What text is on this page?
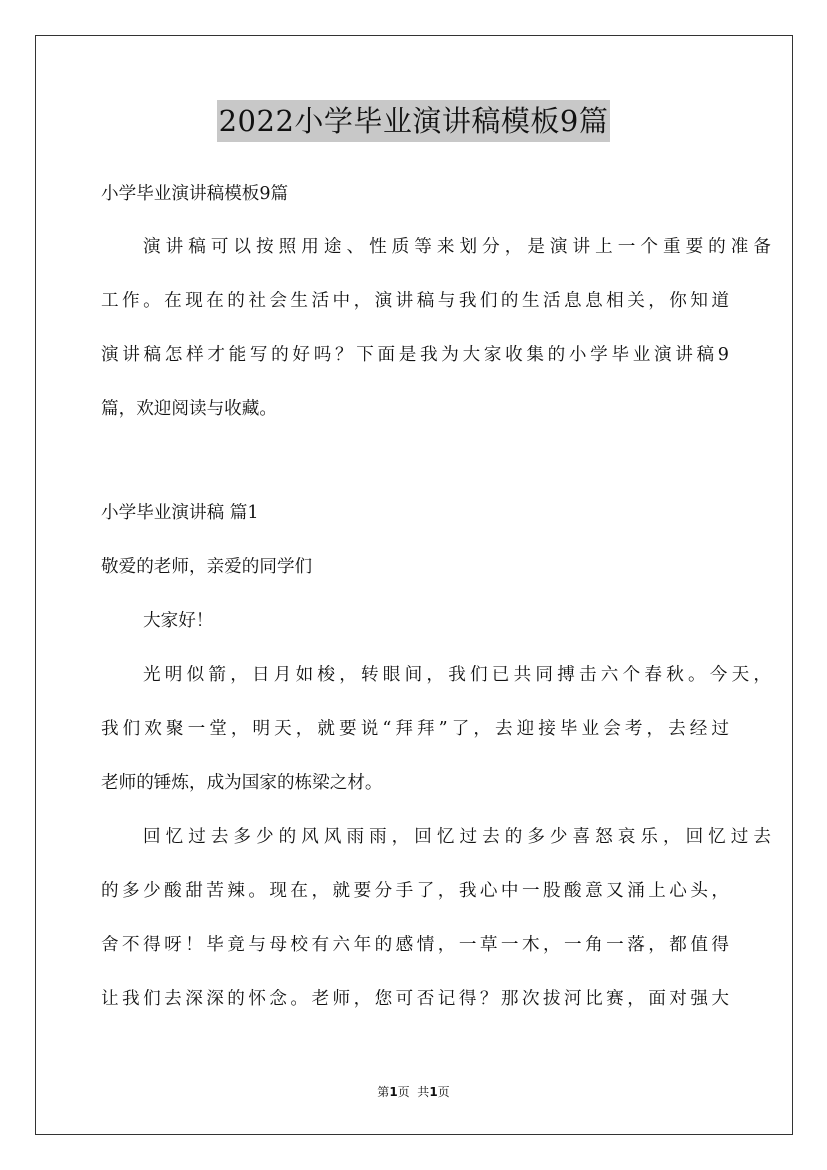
2022小学毕业演讲稿模板9篇
小学毕业演讲稿模板9篇
演讲稿可以按照用途、性质等来划分，是演讲上一个重要的准备
工作。在现在的社会生活中，演讲稿与我们的生活息息相关，你知道
演讲稿怎样才能写的好吗？下面是我为大家收集的小学毕业演讲稿9
篇，欢迎阅读与收藏。
小学毕业演讲稿 篇1
敬爱的老师，亲爱的同学们
大家好！
光明似箭，日月如梭，转眼间，我们已共同搏击六个春秋。今天，
我们欢聚一堂，明天，就要说“拜拜”了，去迎接毕业会考，去经过
老师的锤炼，成为国家的栋梁之材。
回忆过去多少的风风雨雨，回忆过去的多少喜怒哀乐，回忆过去
的多少酸甜苦辣。现在，就要分手了，我心中一股酸意又涌上心头，
舍不得呀！毕竟与母校有六年的感情，一草一木，一角一落，都值得
让我们去深深的怀念。老师，您可否记得？那次拔河比赛，面对强大
第1页  共1页
